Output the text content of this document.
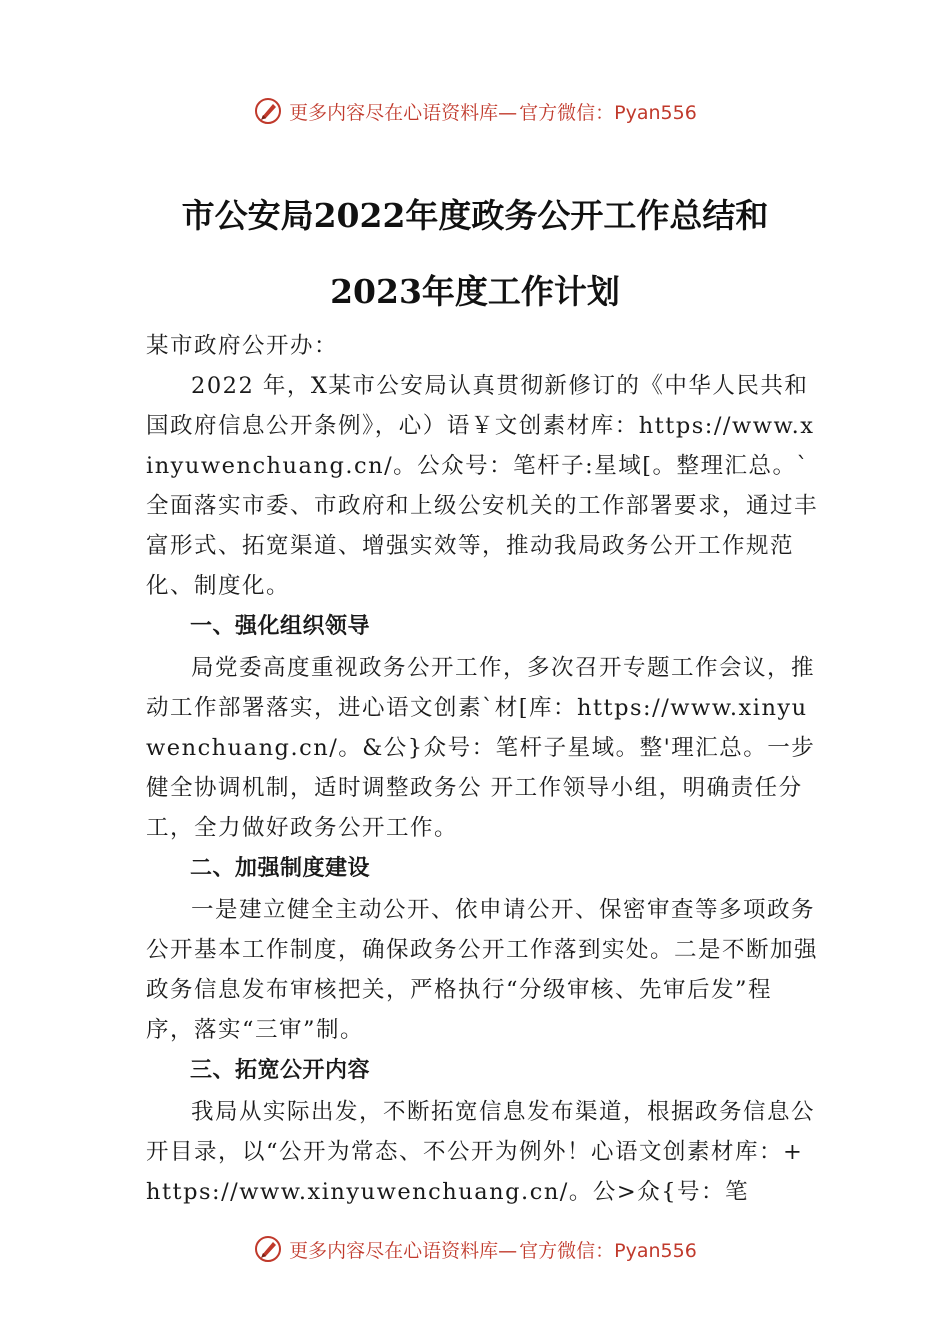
更多内容尽在心语资料库— 官方微信：Pyan556
市公安局2022年度政务公开工作总结和
2023年度工作计划

某市政府公开办：

2022 年，X某市公安局认真贯彻新修订的《中华人民共和国政府信息公开条例》，心）语￥文创素材库：https://www.xinyuwenchuang.cn/。公众号：笔杆子:星域[。整理汇总。`全面落实市委、市政府和上级公安机关的工作部署要求，通过丰富形式、拓宽渠道、增强实效等，推动我局政务公开工作规范化、制度化。

一、强化组织领导

局党委高度重视政务公开工作，多次召开专题工作会议，推动工作部署落实，进心语文创素`材[库：https://www.xinyuwenchuang.cn/。&公}众号：笔杆子星域。整'理汇总。一步健全协调机制，适时调整政务公 开工作领导小组，明确责任分工，全力做好政务公开工作。

二、加强制度建设

一是建立健全主动公开、依申请公开、保密审查等多项政务公开基本工作制度，确保政务公开工作落到实处。二是不断加强政务信息发布审核把关，严格执行“分级审核、先审后发”程序，落实“三审”制。

三、拓宽公开内容

我局从实际出发，不断拓宽信息发布渠道，根据政务信息公开目录，以“公开为常态、不公开为例外！心语文创素材库：+https://www.xinyuwenchuang.cn/。公>众{号：笔

更多内容尽在心语资料库— 官方微信：Pyan556
